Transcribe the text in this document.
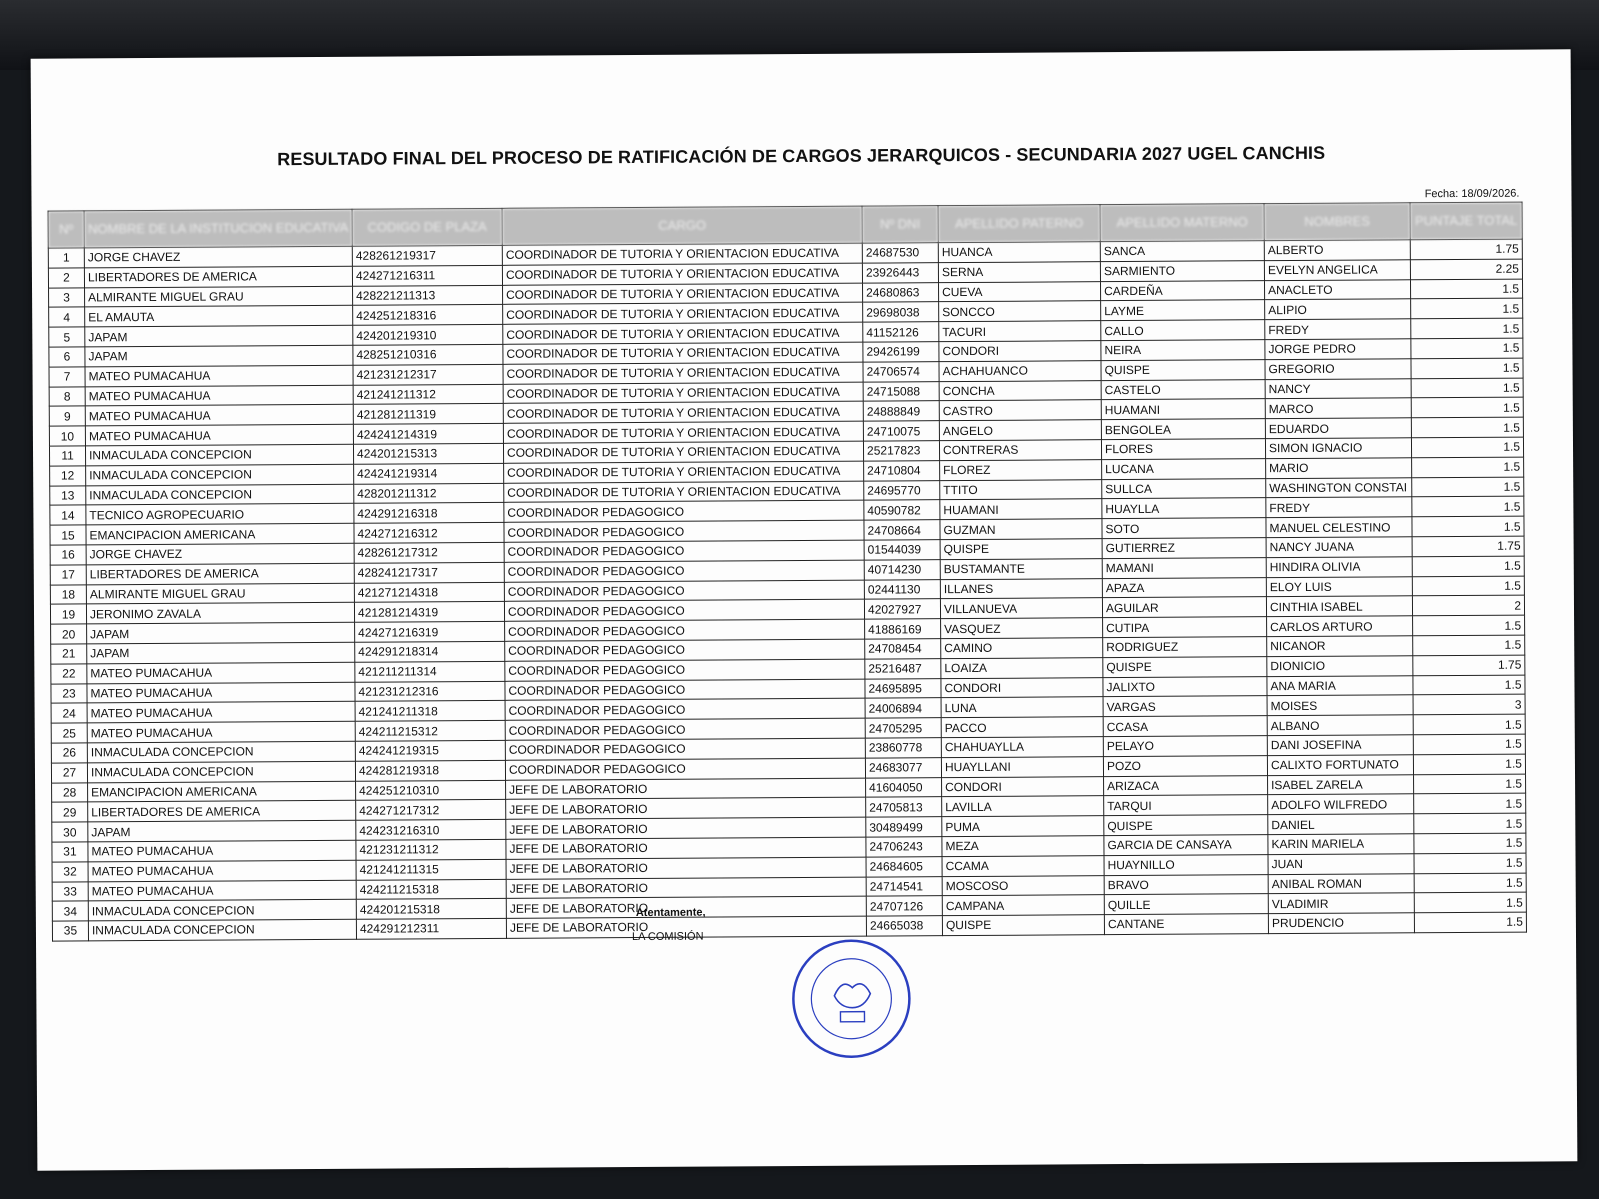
RESULTADO FINAL DEL PROCESO DE RATIFICACIÓN DE CARGOS JERARQUICOS - SECUNDARIA 2027 UGEL CANCHIS
Fecha: 18/09/2026.
Nº	NOMBRE DE LA INSTITUCION EDUCATIVA	CODIGO DE PLAZA	CARGO	Nº DNI	APELLIDO PATERNO	APELLIDO MATERNO	NOMBRES	PUNTAJE TOTAL
1	JORGE CHAVEZ	428261219317	COORDINADOR DE TUTORIA Y ORIENTACION EDUCATIVA	24687530	HUANCA	SANCA	ALBERTO	1.75
2	LIBERTADORES DE AMERICA	424271216311	COORDINADOR DE TUTORIA Y ORIENTACION EDUCATIVA	23926443	SERNA	SARMIENTO	EVELYN ANGELICA	2.25
3	ALMIRANTE MIGUEL GRAU	428221211313	COORDINADOR DE TUTORIA Y ORIENTACION EDUCATIVA	24680863	CUEVA	CARDEÑA	ANACLETO	1.5
4	EL AMAUTA	424251218316	COORDINADOR DE TUTORIA Y ORIENTACION EDUCATIVA	29698038	SONCCO	LAYME	ALIPIO	1.5
5	JAPAM	424201219310	COORDINADOR DE TUTORIA Y ORIENTACION EDUCATIVA	41152126	TACURI	CALLO	FREDY	1.5
6	JAPAM	428251210316	COORDINADOR DE TUTORIA Y ORIENTACION EDUCATIVA	29426199	CONDORI	NEIRA	JORGE PEDRO	1.5
7	MATEO PUMACAHUA	421231212317	COORDINADOR DE TUTORIA Y ORIENTACION EDUCATIVA	24706574	ACHAHUANCO	QUISPE	GREGORIO	1.5
8	MATEO PUMACAHUA	421241211312	COORDINADOR DE TUTORIA Y ORIENTACION EDUCATIVA	24715088	CONCHA	CASTELO	NANCY	1.5
9	MATEO PUMACAHUA	421281211319	COORDINADOR DE TUTORIA Y ORIENTACION EDUCATIVA	24888849	CASTRO	HUAMANI	MARCO	1.5
10	MATEO PUMACAHUA	424241214319	COORDINADOR DE TUTORIA Y ORIENTACION EDUCATIVA	24710075	ANGELO	BENGOLEA	EDUARDO	1.5
11	INMACULADA CONCEPCION	424201215313	COORDINADOR DE TUTORIA Y ORIENTACION EDUCATIVA	25217823	CONTRERAS	FLORES	SIMON IGNACIO	1.5
12	INMACULADA CONCEPCION	424241219314	COORDINADOR DE TUTORIA Y ORIENTACION EDUCATIVA	24710804	FLOREZ	LUCANA	MARIO	1.5
13	INMACULADA CONCEPCION	428201211312	COORDINADOR DE TUTORIA Y ORIENTACION EDUCATIVA	24695770	TTITO	SULLCA	WASHINGTON CONSTAI	1.5
14	TECNICO AGROPECUARIO	424291216318	COORDINADOR PEDAGOGICO	40590782	HUAMANI	HUAYLLA	FREDY	1.5
15	EMANCIPACION AMERICANA	424271216312	COORDINADOR PEDAGOGICO	24708664	GUZMAN	SOTO	MANUEL CELESTINO	1.5
16	JORGE CHAVEZ	428261217312	COORDINADOR PEDAGOGICO	01544039	QUISPE	GUTIERREZ	NANCY JUANA	1.75
17	LIBERTADORES DE AMERICA	428241217317	COORDINADOR PEDAGOGICO	40714230	BUSTAMANTE	MAMANI	HINDIRA OLIVIA	1.5
18	ALMIRANTE MIGUEL GRAU	421271214318	COORDINADOR PEDAGOGICO	02441130	ILLANES	APAZA	ELOY LUIS	1.5
19	JERONIMO ZAVALA	421281214319	COORDINADOR PEDAGOGICO	42027927	VILLANUEVA	AGUILAR	CINTHIA ISABEL	2
20	JAPAM	424271216319	COORDINADOR PEDAGOGICO	41886169	VASQUEZ	CUTIPA	CARLOS ARTURO	1.5
21	JAPAM	424291218314	COORDINADOR PEDAGOGICO	24708454	CAMINO	RODRIGUEZ	NICANOR	1.5
22	MATEO PUMACAHUA	421211211314	COORDINADOR PEDAGOGICO	25216487	LOAIZA	QUISPE	DIONICIO	1.75
23	MATEO PUMACAHUA	421231212316	COORDINADOR PEDAGOGICO	24695895	CONDORI	JALIXTO	ANA MARIA	1.5
24	MATEO PUMACAHUA	421241211318	COORDINADOR PEDAGOGICO	24006894	LUNA	VARGAS	MOISES	3
25	MATEO PUMACAHUA	424211215312	COORDINADOR PEDAGOGICO	24705295	PACCO	CCASA	ALBANO	1.5
26	INMACULADA CONCEPCION	424241219315	COORDINADOR PEDAGOGICO	23860778	CHAHUAYLLA	PELAYO	DANI JOSEFINA	1.5
27	INMACULADA CONCEPCION	424281219318	COORDINADOR PEDAGOGICO	24683077	HUAYLLANI	POZO	CALIXTO FORTUNATO	1.5
28	EMANCIPACION AMERICANA	424251210310	JEFE DE LABORATORIO	41604050	CONDORI	ARIZACA	ISABEL ZARELA	1.5
29	LIBERTADORES DE AMERICA	424271217312	JEFE DE LABORATORIO	24705813	LAVILLA	TARQUI	ADOLFO WILFREDO	1.5
30	JAPAM	424231216310	JEFE DE LABORATORIO	30489499	PUMA	QUISPE	DANIEL	1.5
31	MATEO PUMACAHUA	421231211312	JEFE DE LABORATORIO	24706243	MEZA	GARCIA DE CANSAYA	KARIN MARIELA	1.5
32	MATEO PUMACAHUA	421241211315	JEFE DE LABORATORIO	24684605	CCAMA	HUAYNILLO	JUAN	1.5
33	MATEO PUMACAHUA	424211215318	JEFE DE LABORATORIO	24714541	MOSCOSO	BRAVO	ANIBAL ROMAN	1.5
34	INMACULADA CONCEPCION	424201215318	JEFE DE LABORATORIO	24707126	CAMPANA	QUILLE	VLADIMIR	1.5
35	INMACULADA CONCEPCION	424291212311	JEFE DE LABORATORIO	24665038	QUISPE	CANTANE	PRUDENCIO	1.5
Atentamente,
LA COMISIÓN
